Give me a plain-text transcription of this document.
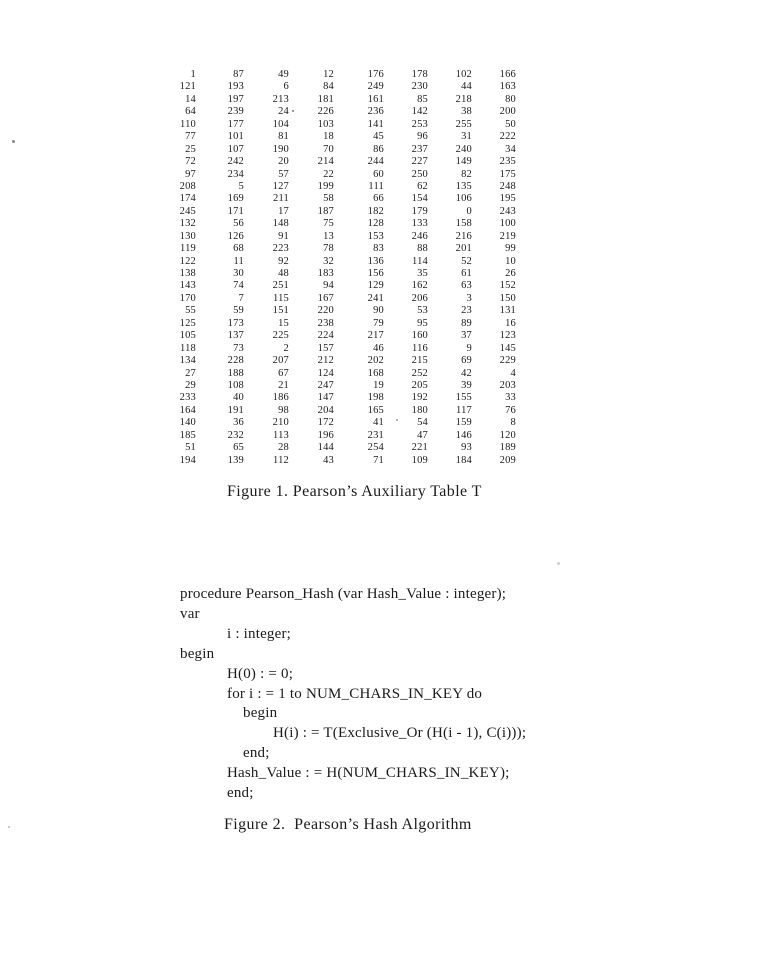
1	87	49	12	176	178	102	166
121	193	6	84	249	230	44	163
14	197	213	181	161	85	218	80
64	239	24	226	236	142	38	200
110	177	104	103	141	253	255	50
77	101	81	18	45	96	31	222
25	107	190	70	86	237	240	34
72	242	20	214	244	227	149	235
97	234	57	22	60	250	82	175
208	5	127	199	111	62	135	248
174	169	211	58	66	154	106	195
245	171	17	187	182	179	0	243
132	56	148	75	128	133	158	100
130	126	91	13	153	246	216	219
119	68	223	78	83	88	201	99
122	11	92	32	136	114	52	10
138	30	48	183	156	35	61	26
143	74	251	94	129	162	63	152
170	7	115	167	241	206	3	150
55	59	151	220	90	53	23	131
125	173	15	238	79	95	89	16
105	137	225	224	217	160	37	123
118	73	2	157	46	116	9	145
134	228	207	212	202	215	69	229
27	188	67	124	168	252	42	4
29	108	21	247	19	205	39	203
233	40	186	147	198	192	155	33
164	191	98	204	165	180	117	76
140	36	210	172	41	54	159	8
185	232	113	196	231	47	146	120
51	65	28	144	254	221	93	189
194	139	112	43	71	109	184	209
Figure 1. Pearson’s Auxiliary Table T
procedure Pearson_Hash (var Hash_Value : integer);
var
i : integer;
begin
H(0) : = 0;
for i : = 1 to NUM_CHARS_IN_KEY do
begin
H(i) : = T(Exclusive_Or (H(i - 1), C(i)));
end;
Hash_Value : = H(NUM_CHARS_IN_KEY);
end;
Figure 2.  Pearson’s Hash Algorithm
